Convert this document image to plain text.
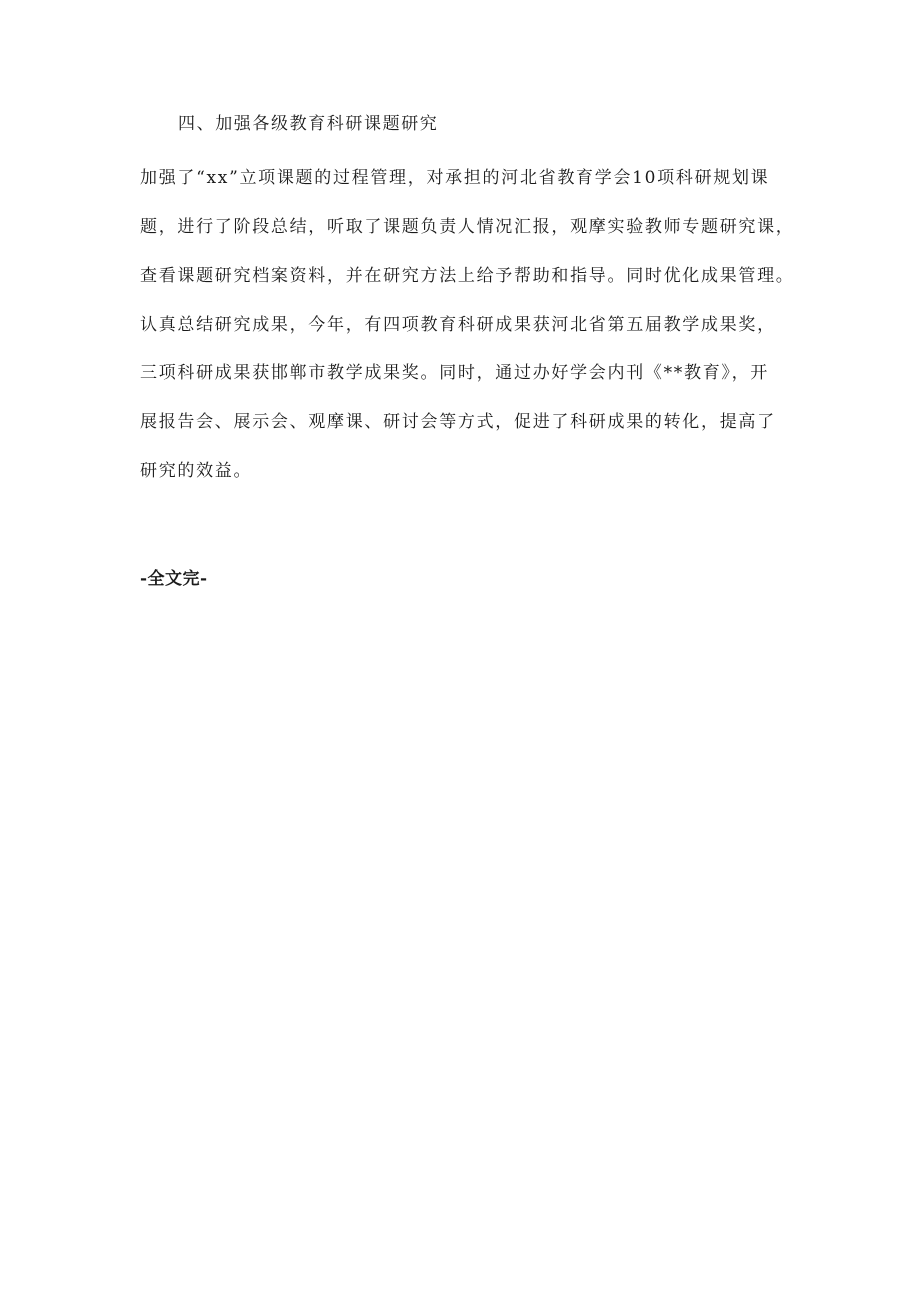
四、加强各级教育科研课题研究
加强了“xx”立项课题的过程管理，对承担的河北省教育学会10项科研规划课
题，进行了阶段总结，听取了课题负责人情况汇报，观摩实验教师专题研究课，
查看课题研究档案资料，并在研究方法上给予帮助和指导。同时优化成果管理。
认真总结研究成果，今年，有四项教育科研成果获河北省第五届教学成果奖，
三项科研成果获邯郸市教学成果奖。同时，通过办好学会内刊《**教育》，开
展报告会、展示会、观摩课、研讨会等方式，促进了科研成果的转化，提高了
研究的效益。
-全文完-
